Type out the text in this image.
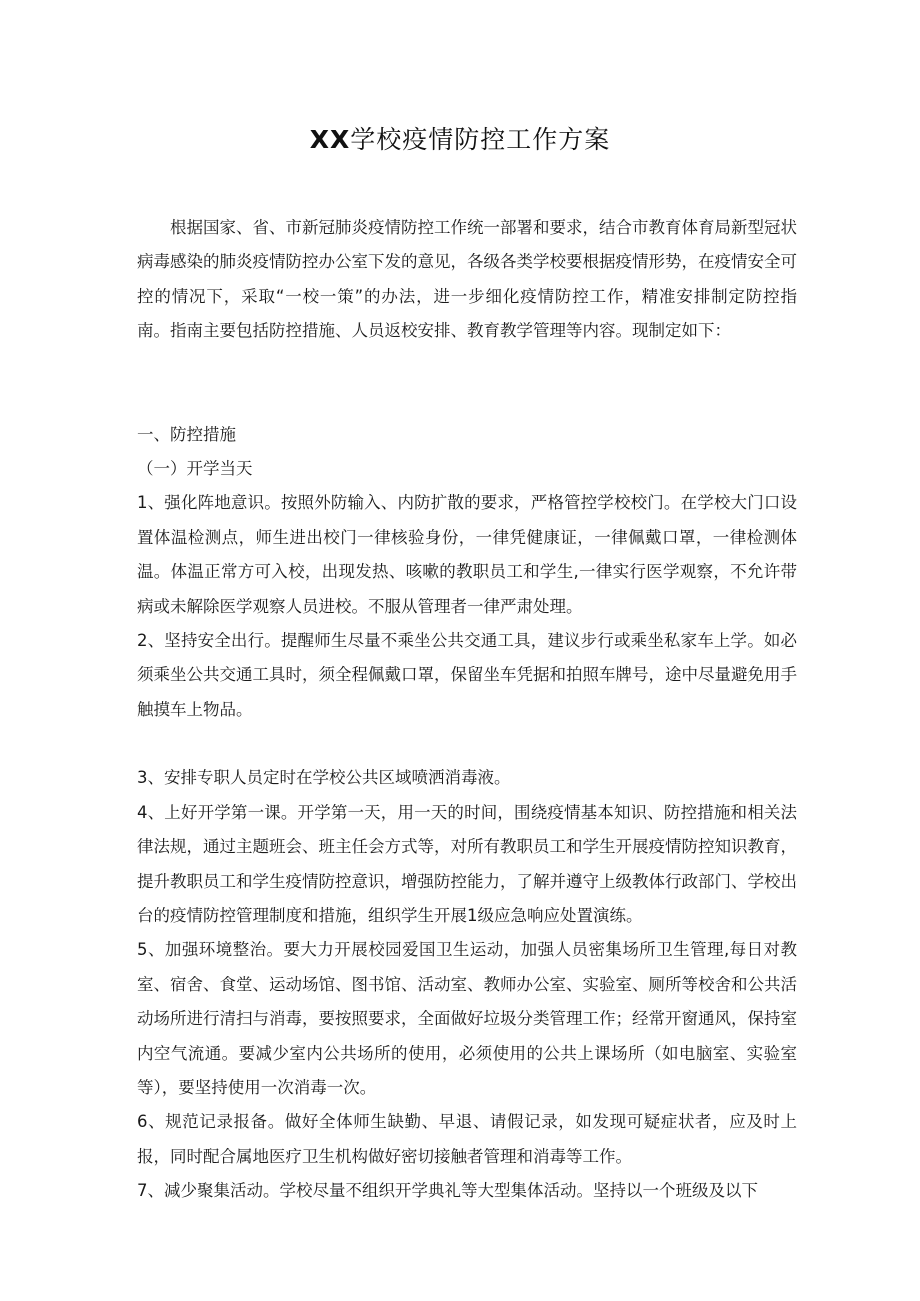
XX学校疫情防控工作方案

根据国家、省、市新冠肺炎疫情防控工作统一部署和要求，结合市教育体育局新型冠状病毒感染的肺炎疫情防控办公室下发的意见，各级各类学校要根据疫情形势，在疫情安全可控的情况下，采取“一校一策”的办法，进一步细化疫情防控工作，精准安排制定防控指南。指南主要包括防控措施、人员返校安排、教育教学管理等内容。现制定如下：

一、防控措施

（一）开学当天

1、强化阵地意识。按照外防输入、内防扩散的要求，严格管控学校校门。在学校大门口设置体温检测点，师生进出校门一律核验身份，一律凭健康证，一律佩戴口罩，一律检测体温。体温正常方可入校，出现发热、咳嗽的教职员工和学生,一律实行医学观察，不允许带病或未解除医学观察人员进校。不服从管理者一律严肃处理。

2、坚持安全出行。提醒师生尽量不乘坐公共交通工具，建议步行或乘坐私家车上学。如必须乘坐公共交通工具时，须全程佩戴口罩，保留坐车凭据和拍照车牌号，途中尽量避免用手触摸车上物品。

3、安排专职人员定时在学校公共区域喷洒消毒液。

4、上好开学第一课。开学第一天，用一天的时间，围绕疫情基本知识、防控措施和相关法律法规，通过主题班会、班主任会方式等，对所有教职员工和学生开展疫情防控知识教育，提升教职员工和学生疫情防控意识，增强防控能力，了解并遵守上级教体行政部门、学校出台的疫情防控管理制度和措施，组织学生开展1级应急响应处置演练。

5、加强环境整治。要大力开展校园爱国卫生运动，加强人员密集场所卫生管理,每日对教室、宿舍、食堂、运动场馆、图书馆、活动室、教师办公室、实验室、厕所等校舍和公共活动场所进行清扫与消毒，要按照要求，全面做好垃圾分类管理工作；经常开窗通风，保持室内空气流通。要减少室内公共场所的使用，必须使用的公共上课场所（如电脑室、实验室等），要坚持使用一次消毒一次。

6、规范记录报备。做好全体师生缺勤、早退、请假记录，如发现可疑症状者，应及时上报，同时配合属地医疗卫生机构做好密切接触者管理和消毒等工作。

7、减少聚集活动。学校尽量不组织开学典礼等大型集体活动。坚持以一个班级及以下
